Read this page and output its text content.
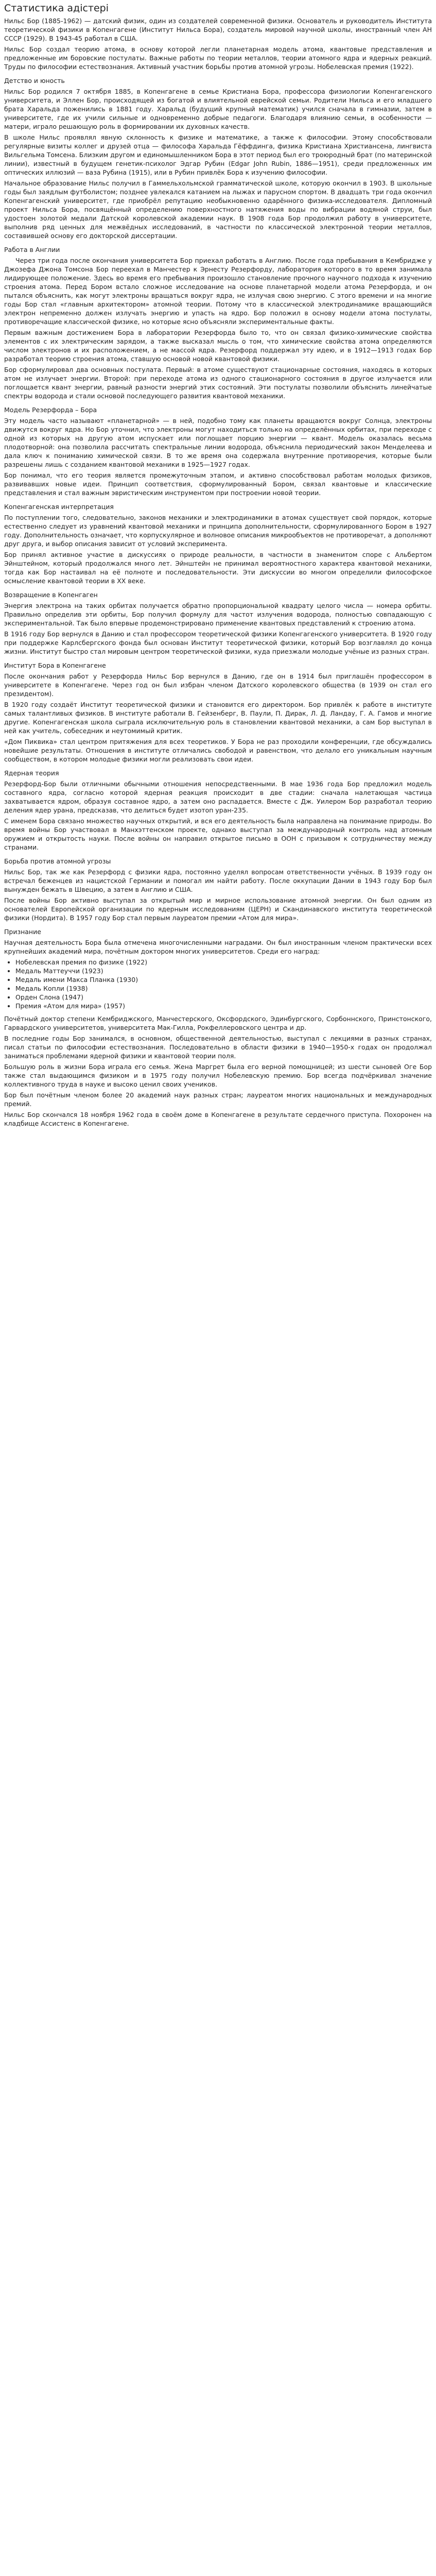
Статистика адістері

Нильс Бор (1885-1962) — датский физик, один из создателей современной физики. Основатель и руководитель Института теоретической физики в Копенгагене (Институт Нильса Бора), создатель мировой научной школы, иностранный член АН СССР (1929). В 1943-45 работал в США.

Нильс Бор создал теорию атома, в основу которой легли планетарная модель атома, квантовые представления и предложенные им боровские постулаты. Важные работы по теории металлов, теории атомного ядра и ядерных реакций. Труды по философии естествознания. Активный участник борьбы против атомной угрозы. Нобелевская премия (1922).

Детство и юность

Нильс Бор родился 7 октября 1885, в Копенгагене в семье Кристиана Бора, профессора физиологии Копенгагенского университета, и Эллен Бор, происходящей из богатой и влиятельной еврейской семьи. Родители Нильса и его младшего брата Харальда поженились в 1881 году. Харальд (будущий крупный математик) учился сначала в гимназии, затем в университете, где их учили сильные и одновременно добрые педагоги. Благодаря влиянию семьи, в особенности — матери, играло решающую роль в формировании их духовных качеств.

В школе Нильс проявлял явную склонность к физике и математике, а также к философии. Этому способствовали регулярные визиты коллег и друзей отца — философа Харальда Гёффдинга, физика Кристиана Христиансена, лингвиста Вильгельма Томсена. Близким другом и единомышленником Бора в этот период был его троюродный брат (по материнской линии), известный в будущем генетик-психолог Эдгар Рубин (Edgar John Rubin, 1886—1951), среди предложенных им оптических иллюзий — ваза Рубина (1915), или в Рубин привлёк Бора к изучению философии.

Начальное образование Нильс получил в Гаммельхольмской грамматической школе, которую окончил в 1903. В школьные годы был заядлым футболистом; позднее увлекался катанием на лыжах и парусном спортом. В двадцать три года окончил Копенгагенский университет, где приобрёл репутацию необыкновенно одарённого физика-исследователя. Дипломный проект Нильса Бора, посвящённый определению поверхностного натяжения воды по вибрации водяной струи, был удостоен золотой медали Датской королевской академии наук. В 1908 года Бор продолжил работу в университете, выполнив ряд ценных для межвёдных исследований, в частности по классической электронной теории металлов, составившей основу его докторской диссертации.

Работа в Англии

Через три года после окончания университета Бор приехал работать в Англию. После года пребывания в Кембридже у Джозефа Джона Томсона Бор переехал в Манчестер к Эрнесту Резерфорду, лаборатория которого в то время занимала лидирующее положение. Здесь во время его пребывания произошло становление прочного научного подхода к изучению строения атома. Перед Бором встало сложное исследование на основе планетарной модели атома Резерфорда, и он пытался объяснить, как могут электроны вращаться вокруг ядра, не излучая свою энергию. С этого времени и на многие годы Бор стал «главным архитектором» атомной теории. Потому что в классической электродинамике вращающийся электрон непременно должен излучать энергию и упасть на ядро. Бор положил в основу модели атома постулаты, противоречащие классической физике, но которые ясно объясняли экспериментальные факты.

Первым важным достижением Бора в лаборатории Резерфорда было то, что он связал физико-химические свойства элементов с их электрическим зарядом, а также высказал мысль о том, что химические свойства атома определяются числом электронов и их расположением, а не массой ядра. Резерфорд поддержал эту идею, и в 1912—1913 годах Бор разработал теорию строения атома, ставшую основой новой квантовой физики.

Бор сформулировал два основных постулата. Первый: в атоме существуют стационарные состояния, находясь в которых атом не излучает энергии. Второй: при переходе атома из одного стационарного состояния в другое излучается или поглощается квант энергии, равный разности энергий этих состояний. Эти постулаты позволили объяснить линейчатые спектры водорода и стали основой последующего развития квантовой механики.

Модель Резерфорда – Бора

Эту модель часто называют «планетарной» — в ней, подобно тому как планеты вращаются вокруг Солнца, электроны движутся вокруг ядра. Но Бор уточнил, что электроны могут находиться только на определённых орбитах, при переходе с одной из которых на другую атом испускает или поглощает порцию энергии — квант. Модель оказалась весьма плодотворной: она позволила рассчитать спектральные линии водорода, объяснила периодический закон Менделеева и дала ключ к пониманию химической связи. В то же время она содержала внутренние противоречия, которые были разрешены лишь с созданием квантовой механики в 1925—1927 годах.

Бор понимал, что его теория является промежуточным этапом, и активно способствовал работам молодых физиков, развивавших новые идеи. Принцип соответствия, сформулированный Бором, связал квантовые и классические представления и стал важным эвристическим инструментом при построении новой теории.

Копенгагенская интерпретация

По поступлении того, следовательно, законов механики и электродинамики в атомах существует свой порядок, которые естественно следует из уравнений квантовой механики и принципа дополнительности, сформулированного Бором в 1927 году. Дополнительность означает, что корпускулярное и волновое описания микрообъектов не противоречат, а дополняют друг друга, и выбор описания зависит от условий эксперимента.

Бор принял активное участие в дискуссиях о природе реальности, в частности в знаменитом споре с Альбертом Эйнштейном, который продолжался много лет. Эйнштейн не принимал вероятностного характера квантовой механики, тогда как Бор настаивал на её полноте и последовательности. Эти дискуссии во многом определили философское осмысление квантовой теории в XX веке.

Возвращение в Копенгаген

Энергия электрона на таких орбитах получается обратно пропорциональной квадрату целого числа — номера орбиты. Правильно определив эти орбиты, Бор получил формулу для частот излучения водорода, полностью совпадающую с экспериментальной. Так было впервые продемонстрировано применение квантовых представлений к строению атома.

В 1916 году Бор вернулся в Данию и стал профессором теоретической физики Копенгагенского университета. В 1920 году при поддержке Карлсбергского фонда был основан Институт теоретической физики, который Бор возглавлял до конца жизни. Институт быстро стал мировым центром теоретической физики, куда приезжали молодые учёные из разных стран.

Институт Бора в Копенгагене

После окончания работ у Резерфорда Нильс Бор вернулся в Данию, где он в 1914 был приглашён профессором в университете в Копенгагене. Через год он был избран членом Датского королевского общества (в 1939 он стал его президентом).

В 1920 году создаёт Институт теоретической физики и становится его директором. Бор привлёк к работе в институте самых талантливых физиков. В институте работали В. Гейзенберг, В. Паули, П. Дирак, Л. Д. Ландау, Г. А. Гамов и многие другие. Копенгагенская школа сыграла исключительную роль в становлении квантовой механики, а сам Бор выступал в ней как учитель, собеседник и неутомимый критик.

«Дом Пиквика» стал центром притяжения для всех теоретиков. У Бора не раз проходили конференции, где обсуждались новейшие результаты. Отношения в институте отличались свободой и равенством, что делало его уникальным научным сообществом, в котором молодые физики могли реализовать свои идеи.

Ядерная теория

Резерфорд-Бор были отличными обычными отношения непосредственными. В мае 1936 года Бор предложил модель составного ядра, согласно которой ядерная реакция происходит в две стадии: сначала налетающая частица захватывается ядром, образуя составное ядро, а затем оно распадается. Вместе с Дж. Уилером Бор разработал теорию деления ядер урана, предсказав, что делиться будет изотоп уран-235.

С именем Бора связано множество научных открытий, и вся его деятельность была направлена на понимание природы. Во время войны Бор участвовал в Манхэттенском проекте, однако выступал за международный контроль над атомным оружием и открытость науки. После войны он направил открытое письмо в ООН с призывом к сотрудничеству между странами.

Борьба против атомной угрозы

Нильс Бор, так же как Резерфорд с физики ядра, постоянно уделял вопросам ответственности учёных. В 1939 году он встречал беженцев из нацистской Германии и помогал им найти работу. После оккупации Дании в 1943 году Бор был вынужден бежать в Швецию, а затем в Англию и США.

После войны Бор активно выступал за открытый мир и мирное использование атомной энергии. Он был одним из основателей Европейской организации по ядерным исследованиям (ЦЕРН) и Скандинавского института теоретической физики (Нордита). В 1957 году Бор стал первым лауреатом премии «Атом для мира».

Признание

Научная деятельность Бора была отмечена многочисленными наградами. Он был иностранным членом практически всех крупнейших академий мира, почётным доктором многих университетов. Среди его наград:

• Нобелевская премия по физике (1922)
• Медаль Маттеуччи (1923)
• Медаль имени Макса Планка (1930)
• Медаль Копли (1938)
• Орден Слона (1947)
• Премия «Атом для мира» (1957)

Почётный доктор степени Кембриджского, Манчестерского, Оксфордского, Эдинбургского, Сорбоннского, Принстонского, Гарвардского университетов, университета Мак-Гилла, Рокфеллеровского центра и др.

В последние годы Бор занимался, в основном, общественной деятельностью, выступал с лекциями в разных странах, писал статьи по философии естествознания. Последовательно в области физики в 1940—1950-х годах он продолжал заниматься проблемами ядерной физики и квантовой теории поля.

Большую роль в жизни Бора играла его семья. Жена Маргрет была его верной помощницей; из шести сыновей Оге Бор также стал выдающимся физиком и в 1975 году получил Нобелевскую премию. Бор всегда подчёркивал значение коллективного труда в науке и высоко ценил своих учеников.

Бор был почётным членом более 20 академий наук разных стран; лауреатом многих национальных и международных премий.

Нильс Бор скончался 18 ноября 1962 года в своём доме в Копенгагене в результате сердечного приступа. Похоронен на кладбище Ассистенс в Копенгагене.
